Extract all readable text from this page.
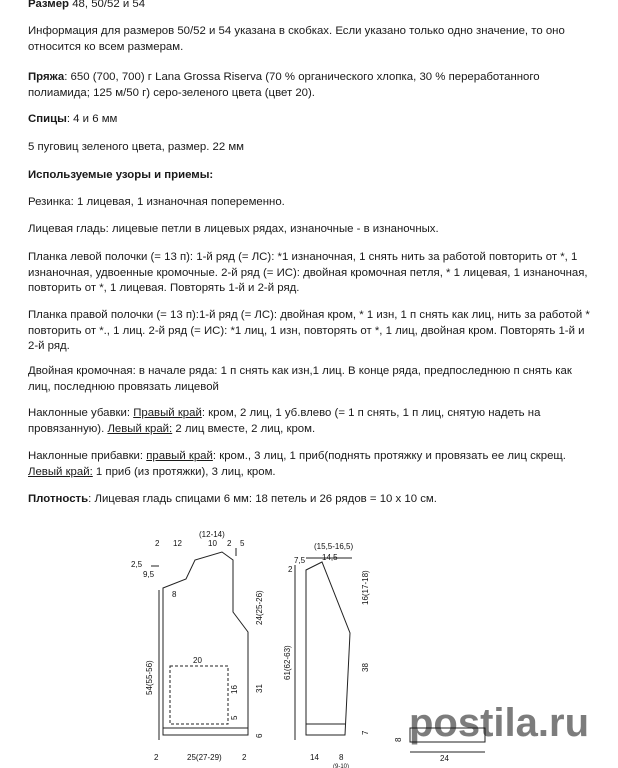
Размер 48, 50/52 и 54

Информация для размеров 50/52 и 54 указана в скобках. Если указано только одно значение, то оно относится ко всем размерам.

Пряжа: 650 (700, 700) г Lana Grossa Riserva (70 % органического хлопка, 30 % переработанного полиамида; 125 м/50 г) серо-зеленого цвета (цвет 20).

Спицы: 4 и 6 мм

5 пуговиц зеленого цвета, размер. 22 мм

Используемые узоры и приемы:

Резинка: 1 лицевая, 1 изнаночная попеременно.

Лицевая гладь: лицевые петли в лицевых рядах, изнаночные - в изнаночных.

Планка левой полочки (= 13 п): 1-й ряд (= ЛС): *1 изнаночная, 1 снять нить за работой повторить от *, 1 изнаночная, удвоенные кромочные. 2-й ряд (= ИС): двойная кромочная петля, * 1 лицевая, 1 изнаночная, повторить от *, 1 лицевая. Повторять 1-й и 2-й ряд.

Планка правой полочки (= 13 п):1-й ряд (= ЛС): двойная кром, * 1 изн, 1 п снять как лиц, нить за работой * повторить от *., 1 лиц. 2-й ряд (= ИС): *1 лиц, 1 изн, повторять от *, 1 лиц, двойная кром. Повторять 1-й и 2-й ряд.

Двойная кромочная: в начале ряда: 1 п снять как изн,1 лиц. В конце ряда, предпоследнюю п снять как лиц, последнюю провязать лицевой

Наклонные убавки: Правый край: кром, 2 лиц, 1 уб.влево (= 1 п снять, 1 п лиц, снятую надеть на провязанную). Левый край: 2 лиц вместе, 2 лиц, кром.

Наклонные прибавки: правый край: кром., 3 лиц, 1 приб(поднять протяжку и провязать ее лиц скрещ. Левый край: 1 приб (из протяжки), 3 лиц, кром.

Плотность: Лицевая гладь спицами 6 мм: 18 петель и 26 рядов = 10 х 10 см.

2 12
(12-14)
10 2 5
2,5
9,5
8
20
16
5
24(25-26)
54(55-56)	31
6
2	25(27-29)	2
(15,5-16,5)
14,5
7,5
2
61(62-63)
16(17-18)
38
7
14	8
(9-10)
8
24
postila.ru
